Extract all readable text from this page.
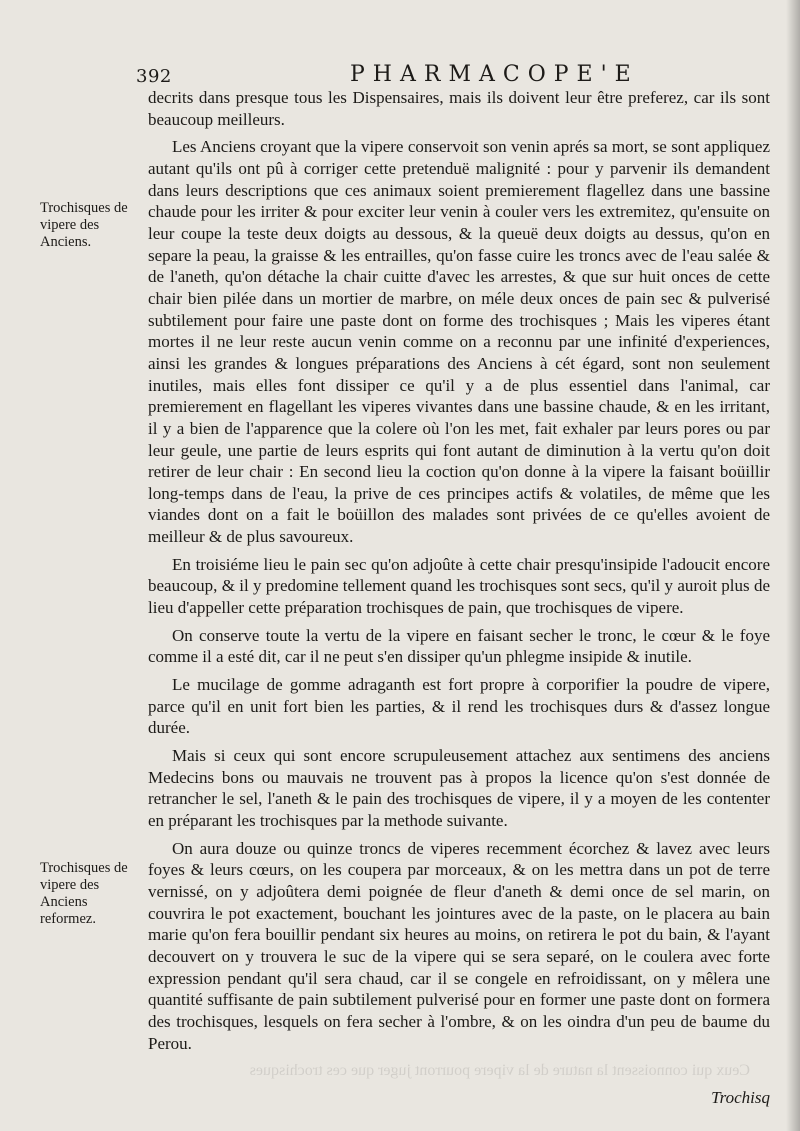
392	PHARMACOPE'E
Trochisques de vipere des Anciens.
Trochisques de vipere des Anciens reformez.

decrits dans presque tous les Dispensaires, mais ils doivent leur être preferez, car ils sont beaucoup meilleurs.

Les Anciens croyant que la vipere conservoit son venin aprés sa mort, se sont appliquez autant qu'ils ont pû à corriger cette pretenduë malignité : pour y parvenir ils demandent dans leurs descriptions que ces animaux soient premierement flagellez dans une bassine chaude pour les irriter & pour exciter leur venin à couler vers les extremitez, qu'ensuite on leur coupe la teste deux doigts au dessous, & la queuë deux doigts au dessus, qu'on en separe la peau, la graisse & les entrailles, qu'on fasse cuire les troncs avec de l'eau salée & de l'aneth, qu'on détache la chair cuitte d'avec les arrestes, & que sur huit onces de cette chair bien pilée dans un mortier de marbre, on méle deux onces de pain sec & pulverisé subtilement pour faire une paste dont on forme des trochisques ; Mais les viperes étant mortes il ne leur reste aucun venin comme on a reconnu par une infinité d'experiences, ainsi les grandes & longues préparations des Anciens à cét égard, sont non seulement inutiles, mais elles font dissiper ce qu'il y a de plus essentiel dans l'animal, car premierement en flagellant les viperes vivantes dans une bassine chaude, & en les irritant, il y a bien de l'apparence que la colere où l'on les met, fait exhaler par leurs pores ou par leur geule, une partie de leurs esprits qui font autant de diminution à la vertu qu'on doit retirer de leur chair : En second lieu la coction qu'on donne à la vipere la faisant boüillir long-temps dans de l'eau, la prive de ces principes actifs & volatiles, de même que les viandes dont on a fait le boüillon des malades sont privées de ce qu'elles avoient de meilleur & de plus savoureux.

En troisiéme lieu le pain sec qu'on adjoûte à cette chair presqu'insipide l'adoucit encore beaucoup, & il y predomine tellement quand les trochisques sont secs, qu'il y auroit plus de lieu d'appeller cette préparation trochisques de pain, que trochisques de vipere.

On conserve toute la vertu de la vipere en faisant secher le tronc, le cœur & le foye comme il a esté dit, car il ne peut s'en dissiper qu'un phlegme insipide & inutile.

Le mucilage de gomme adraganth est fort propre à corporifier la poudre de vipere, parce qu'il en unit fort bien les parties, & il rend les trochisques durs & d'assez longue durée.

Mais si ceux qui sont encore scrupuleusement attachez aux sentimens des anciens Medecins bons ou mauvais ne trouvent pas à propos la licence qu'on s'est donnée de retrancher le sel, l'aneth & le pain des trochisques de vipere, il y a moyen de les contenter en préparant les trochisques par la methode suivante.

On aura douze ou quinze troncs de viperes recemment écorchez & lavez avec leurs foyes & leurs cœurs, on les coupera par morceaux, & on les mettra dans un pot de terre vernissé, on y adjoûtera demi poignée de fleur d'aneth & demi once de sel marin, on couvrira le pot exactement, bouchant les jointures avec de la paste, on le placera au bain marie qu'on fera bouillir pendant six heures au moins, on retirera le pot du bain, & l'ayant decouvert on y trouvera le suc de la vipere qui se sera separé, on le coulera avec forte expression pendant qu'il sera chaud, car il se congele en refroidissant, on y mêlera une quantité suffisante de pain subtilement pulverisé pour en former une paste dont on formera des trochisques, lesquels on fera secher à l'ombre, & on les oindra d'un peu de baume du Perou.

Ceux qui connoissent la nature de la vipere pourront juger que ces trochisques
Trochisq
